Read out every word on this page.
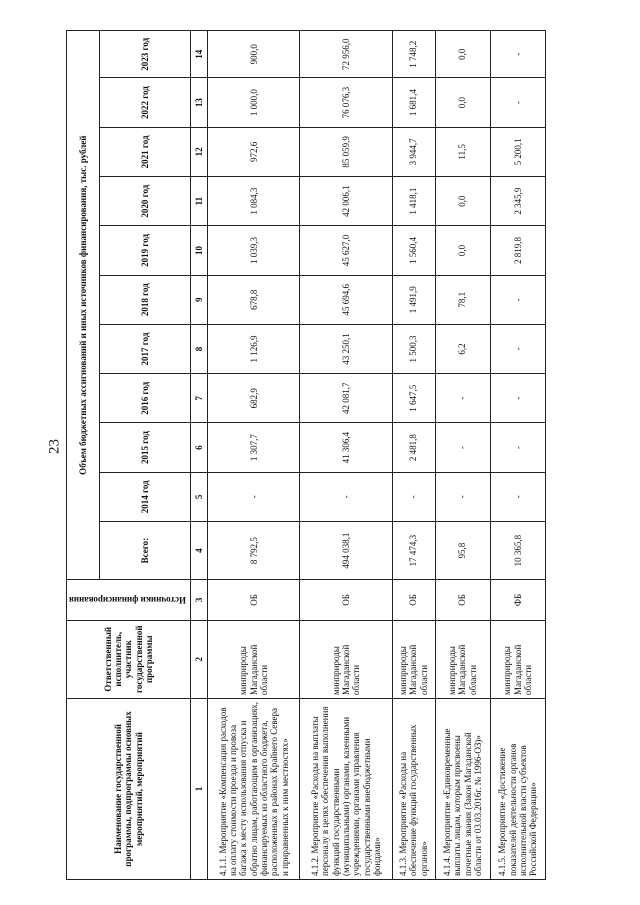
23
Наименование государственной программы, подпрограммы основных мероприятий, мероприятий	Ответственный исполнитель, участник государственной программы	Источники финансирования	Объем бюджетных ассигнований и иных источников финансирования, тыс. рублей										
			Всего:	2014 год	2015 год	2016 год	2017 год	2018 год	2019 год	2020 год	2021 год	2022 год	2023 год
1	2	3	4	5	6	7	8	9	10	11	12	13	14
4.1.1. Мероприятие «Компенсация расходов на оплату стоимости проезда и провоза багажа к месту использования отпуска и обратно лицам, работающим в организациях, финансируемых из областного бюджета, расположенных в районах Крайнего Севера и приравненных к ним местностях»	минприроды Магаданской области	ОБ	8 792,5	-	1 307,7	682,9	1 126,9	678,8	1 039,3	1 084,3	972,6	1 000,0	900,0
4.1.2. Мероприятие «Расходы на выплаты персоналу в целях обеспечения выполнения функций государственными (муниципальными) органами, казенными учреждениями, органами управления государственными внебюджетными фондами»	минприроды Магаданской области	ОБ	494 038,1	-	41 306,4	42 081,7	43 250,1	45 694,6	45 627,0	42 006,1	85 059,9	76 076,3	72 956,0
4.1.3. Мероприятие «Расходы на обеспечение функций государственных органов»	минприроды Магаданской области	ОБ	17 474,3	-	2 481,8	1 647,5	1 500,3	1 491,9	1 560,4	1 418,1	3 944,7	1 681,4	1 748,2
4.1.4. Мероприятие «Единовременные выплаты лицам, которым присвоены почетные звания (Закон Магаданской области от 03.03.2016г. № 1996-ОЗ)»	минприроды Магаданской области	ОБ	95,8	-	-	-	6,2	78,1	0,0	0,0	11,5	0,0	0,0
4.1.5. Мероприятие «Достижение показателей деятельности органов исполнительной власти субъектов Российской Федерации»	минприроды Магаданской области	ФБ	10 365,8	-	-	-	-	-	2 819,8	2 345,9	5 200,1	-	-
